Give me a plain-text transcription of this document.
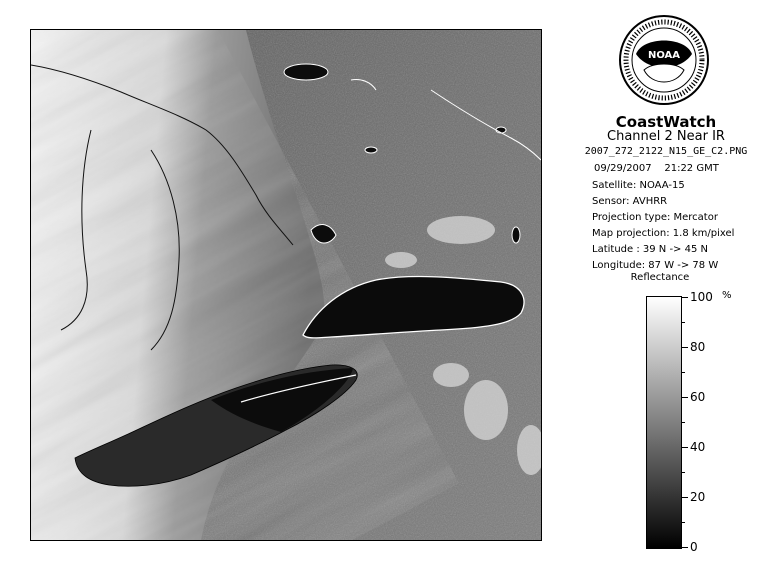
NOAA
CoastWatch
Channel 2 Near IR
2007_272_2122_N15_GE_C2.PNG
09/29/2007    21:22 GMT
Satellite: NOAA-15
Sensor: AVHRR
Projection type: Mercator
Map projection: 1.8 km/pixel
Latitude : 39 N -> 45 N
Longitude: 87 W -> 78 W
Reflectance
%
100
80
60
40
20
0
